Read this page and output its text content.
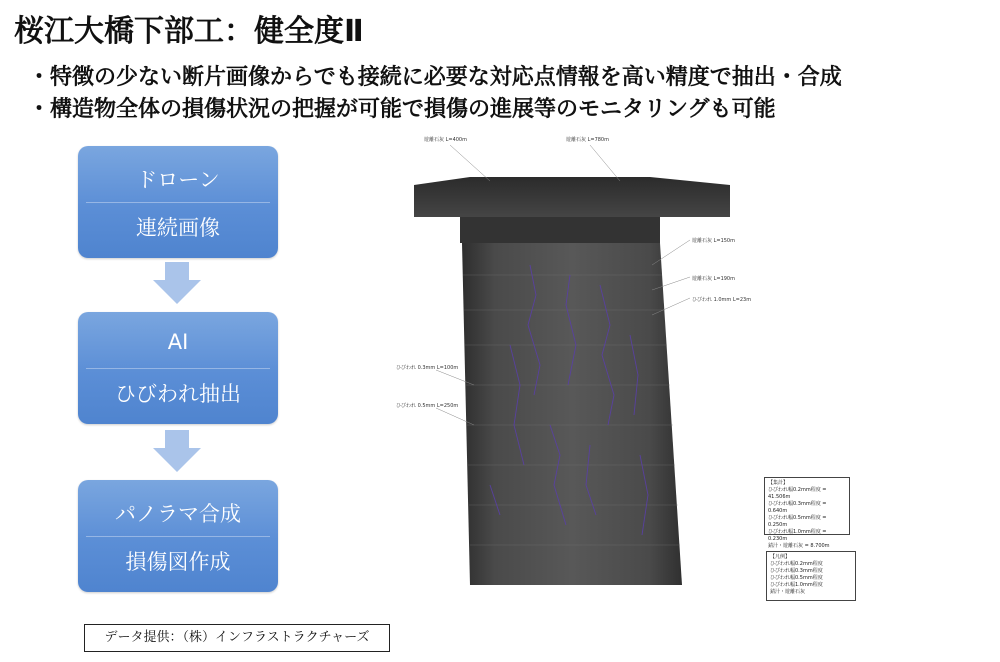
桜江大橋下部工：健全度Ⅱ
・特徴の少ない断片画像からでも接続に必要な対応点情報を高い精度で抽出・合成
・構造物全体の損傷状況の把握が可能で損傷の進展等のモニタリングも可能
ドローン
連続画像
AI
ひびわれ抽出
パノラマ合成
損傷図作成
データ提供：（株）インフラストラクチャーズ
遊離石灰 L=400m	遊離石灰 L=780m
遊離石灰 L=150m
遊離石灰 L=190m
ひびわれ 1.0mm L=23m
ひびわれ 0.3mm L=100m
ひびわれ 0.5mm L=250m
【集計】
ひびわれ幅0.2mm程度 = 41.506m
ひびわれ幅0.3mm程度 = 0.640m
ひびわれ幅0.5mm程度 = 0.250m
ひびわれ幅1.0mm程度 = 0.230m
錆汁・遊離石灰 = 8.700m
【凡例】
ひびわれ幅0.2mm程度
ひびわれ幅0.3mm程度
ひびわれ幅0.5mm程度
ひびわれ幅1.0mm程度
錆汁・遊離石灰
